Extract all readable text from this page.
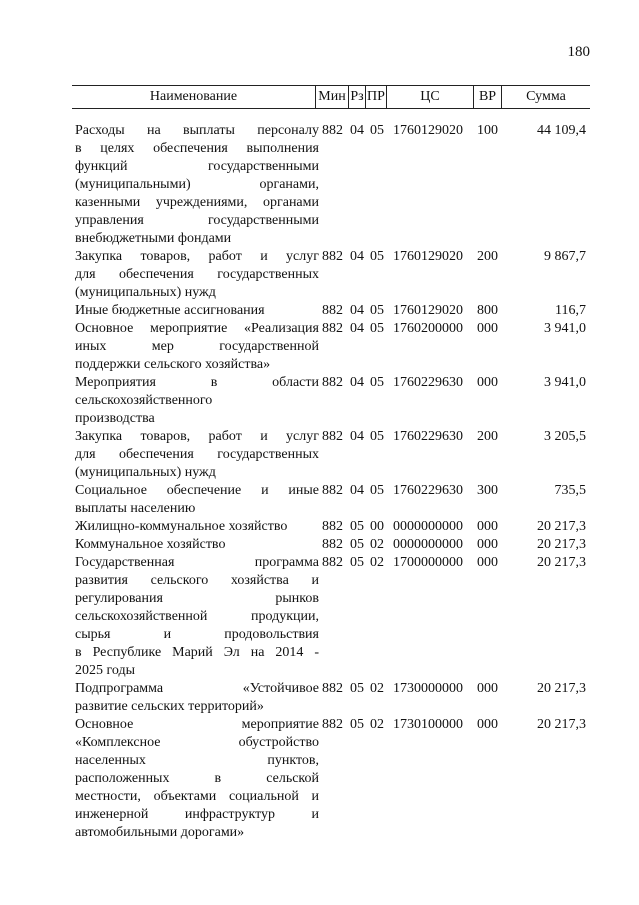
180
Наименование	Мин Рз ПР	ЦС	ВР	Сумма
Расходы на выплаты персоналу
в целях обеспечения выполнения
функций государственными
(муниципальными) органами,
казенными учреждениями, органами
управления государственными
внебюджетными фондами
882 04 05 1760129020 100	44 109,4
Закупка товаров, работ и услуг
для обеспечения государственных
(муниципальных) нужд
882 04 05 1760129020 200	9 867,7
Иные бюджетные ассигнования	882 04 05 1760129020 800	116,7
Основное мероприятие «Реализация
иных мер государственной
поддержки сельского хозяйства»
882 04 05 1760200000 000	3 941,0
Мероприятия в области
сельскохозяйственного
производства
882 04 05 1760229630 000	3 941,0
Закупка товаров, работ и услуг
для обеспечения государственных
(муниципальных) нужд
882 04 05 1760229630 200	3 205,5
Социальное обеспечение и иные
выплаты населению
882 04 05 1760229630 300	735,5
Жилищно-коммунальное хозяйство	882 05 00 0000000000 000	20 217,3
Коммунальное хозяйство	882 05 02 0000000000 000	20 217,3
Государственная программа
развития сельского хозяйства и
регулирования рынков
сельскохозяйственной продукции,
сырья и продовольствия
в Республике Марий Эл на 2014 -
2025 годы
882 05 02 1700000000 000	20 217,3
Подпрограмма «Устойчивое
развитие сельских территорий»
882 05 02 1730000000 000	20 217,3
Основное мероприятие
«Комплексное обустройство
населенных пунктов,
расположенных в сельской
местности, объектами социальной и
инженерной инфраструктур и
автомобильными дорогами»
882 05 02 1730100000 000	20 217,3
